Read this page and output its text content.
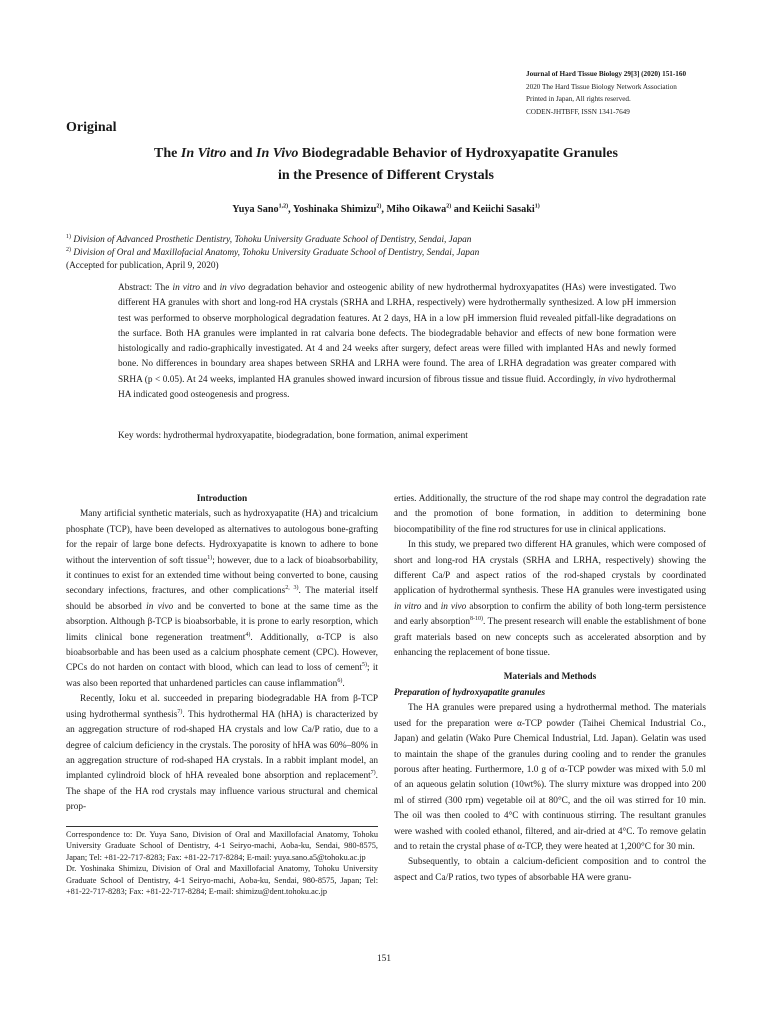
Journal of Hard Tissue Biology 29[3] (2020) 151-160
2020 The Hard Tissue Biology Network Association
Printed in Japan, All rights reserved.
CODEN-JHTBFF, ISSN 1341-7649
Original
The In Vitro and In Vivo Biodegradable Behavior of Hydroxyapatite Granules
in the Presence of Different Crystals
Yuya Sano$^{1,2)}$, Yoshinaka Shimizu$^{2)}$, Miho Oikawa$^{2)}$ and Keiichi Sasaki$^{1)}$
$^{1)}$ Division of Advanced Prosthetic Dentistry, Tohoku University Graduate School of Dentistry, Sendai, Japan
$^{2)}$ Division of Oral and Maxillofacial Anatomy, Tohoku University Graduate School of Dentistry, Sendai, Japan
(Accepted for publication, April 9, 2020)
Abstract: The in vitro and in vivo degradation behavior and osteogenic ability of new hydrothermal hydroxyapatites (HAs) were investigated. Two different HA granules with short and long-rod HA crystals (SRHA and LRHA, respectively) were hydrothermally synthesized. A low pH immersion test was performed to observe morphological degradation features. At 2 days, HA in a low pH immersion fluid revealed pitfall-like degradations on the surface. Both HA granules were implanted in rat calvaria bone defects. The biodegradable behavior and effects of new bone formation were histologically and radio-graphically investigated. At 4 and 24 weeks after surgery, defect areas were filled with implanted HAs and newly formed bone. No differences in boundary area shapes between SRHA and LRHA were found. The area of LRHA degradation was greater compared with SRHA (p < 0.05). At 24 weeks, implanted HA granules showed inward incursion of fibrous tissue and tissue fluid. Accordingly, in vivo hydrothermal HA indicated good osteogenesis and progress.
Key words: hydrothermal hydroxyapatite, biodegradation, bone formation, animal experiment

Introduction

Many artificial synthetic materials, such as hydroxyapatite (HA) and tricalcium phosphate (TCP), have been developed as alternatives to autologous bone-grafting for the repair of large bone defects. Hydroxyapatite is known to adhere to bone without the intervention of soft tissue$^{1)}$; however, due to a lack of bioabsorbability, it continues to exist for an extended time without being converted to bone, causing secondary infections, fractures, and other complications$^{2, 3)}$. The material itself should be absorbed in vivo and be converted to bone at the same time as the absorption. Although β-TCP is bioabsorbable, it is prone to early resorption, which limits clinical bone regeneration treatment$^{4)}$. Additionally, α-TCP is also bioabsorbable and has been used as a calcium phosphate cement (CPC). However, CPCs do not harden on contact with blood, which can lead to loss of cement$^{5)}$; it was also been reported that unhardened particles can cause inflammation$^{6)}$.

Recently, Ioku et al. succeeded in preparing biodegradable HA from β-TCP using hydrothermal synthesis$^{7)}$. This hydrothermal HA (hHA) is characterized by an aggregation structure of rod-shaped HA crystals and low Ca/P ratio, due to a degree of calcium deficiency in the crystals. The porosity of hHA was 60%–80% in an aggregation structure of rod-shaped HA crystals. In a rabbit implant model, an implanted cylindroid block of hHA revealed bone absorption and replacement$^{7)}$. The shape of the HA rod crystals may influence various structural and chemical prop-

Correspondence to: Dr. Yuya Sano, Division of Oral and Maxillofacial Anatomy, Tohoku University Graduate School of Dentistry, 4-1 Seiryo-machi, Aoba-ku, Sendai, 980-8575, Japan; Tel: +81-22-717-8283; Fax: +81-22-717-8284; E-mail: yuya.sano.a5@tohoku.ac.jp

Dr. Yoshinaka Shimizu, Division of Oral and Maxillofacial Anatomy, Tohoku University Graduate School of Dentistry, 4-1 Seiryo-machi, Aoba-ku, Sendai, 980-8575, Japan; Tel: +81-22-717-8283; Fax: +81-22-717-8284; E-mail: shimizu@dent.tohoku.ac.jp

erties. Additionally, the structure of the rod shape may control the degradation rate and the promotion of bone formation, in addition to determining bone biocompatibility of the fine rod structures for use in clinical applications.

In this study, we prepared two different HA granules, which were composed of short and long-rod HA crystals (SRHA and LRHA, respectively) showing the different Ca/P and aspect ratios of the rod-shaped crystals by coordinated application of hydrothermal synthesis. These HA granules were investigated using in vitro and in vivo absorption to confirm the ability of both long-term persistence and early absorption$^{8-10)}$. The present research will enable the establishment of bone graft materials based on new concepts such as accelerated absorption and by enhancing the replacement of bone tissue.

Materials and Methods

Preparation of hydroxyapatite granules

The HA granules were prepared using a hydrothermal method. The materials used for the preparation were α-TCP powder (Taihei Chemical Industrial Co., Japan) and gelatin (Wako Pure Chemical Industrial, Ltd. Japan). Gelatin was used to maintain the shape of the granules during cooling and to render the granules porous after heating. Furthermore, 1.0 g of α-TCP powder was mixed with 5.0 ml of an aqueous gelatin solution (10wt%). The slurry mixture was dropped into 200 ml of stirred (300 rpm) vegetable oil at 80°C, and the oil was stirred for 10 min. The oil was then cooled to 4°C with continuous stirring. The resultant granules were washed with cooled ethanol, filtered, and air-dried at 4°C. To remove gelatin and to retain the crystal phase of α-TCP, they were heated at 1,200°C for 30 min.

Subsequently, to obtain a calcium-deficient composition and to control the aspect and Ca/P ratios, two types of absorbable HA were granu-

151
